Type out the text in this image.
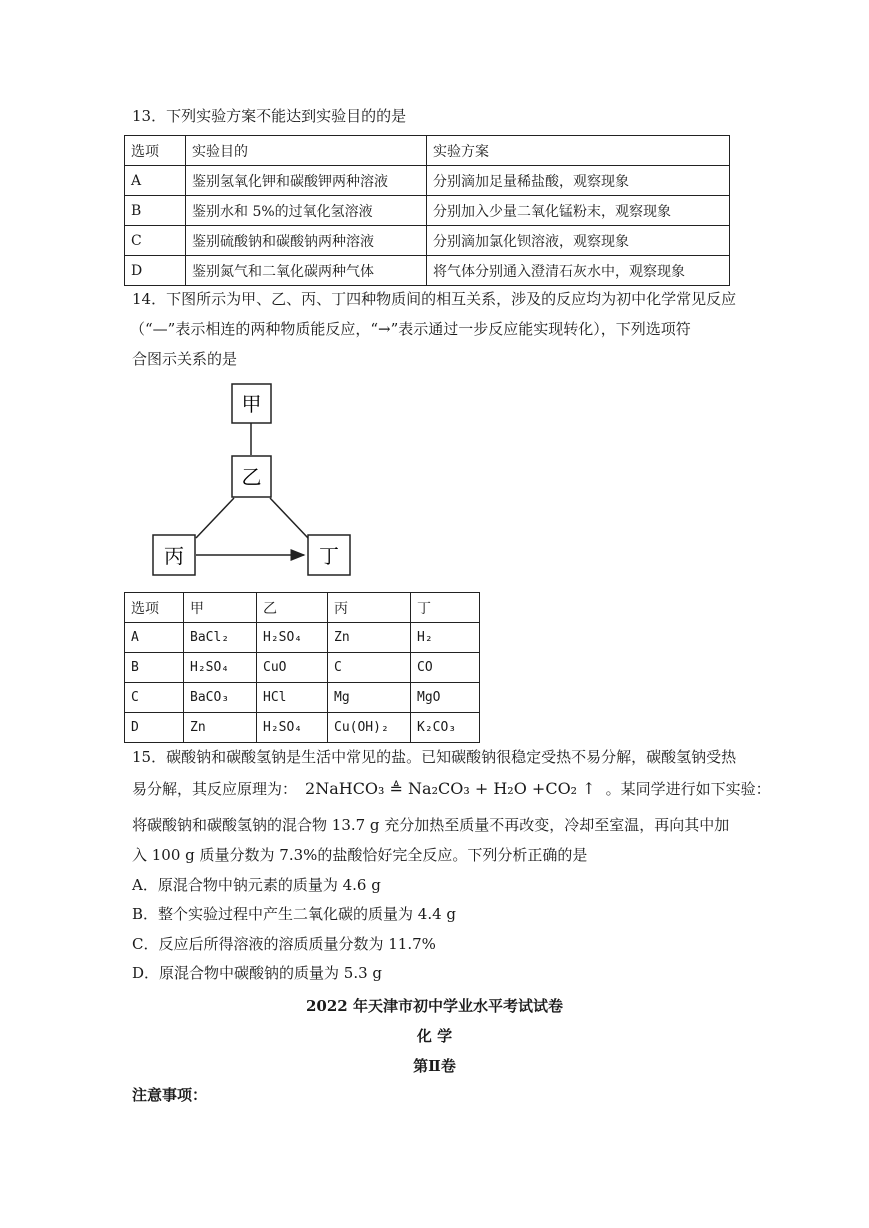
13．下列实验方案不能达到实验目的的是
选项	实验目的	实验方案
A	鉴别氢氧化钾和碳酸钾两种溶液	分别滴加足量稀盐酸，观察现象
B	鉴别水和 5%的过氧化氢溶液	分别加入少量二氧化锰粉末，观察现象
C	鉴别硫酸钠和碳酸钠两种溶液	分别滴加氯化钡溶液，观察现象
D	鉴别氮气和二氧化碳两种气体	将气体分别通入澄清石灰水中，观察现象
14．下图所示为甲、乙、丙、丁四种物质间的相互关系，涉及的反应均为初中化学常见反应
（“—”表示相连的两种物质能反应，“→”表示通过一步反应能实现转化），下列选项符
合图示关系的是
甲
乙
丙	丁
选项	甲	乙	丙	丁
A	BaCl₂	H₂SO₄	Zn	H₂
B	H₂SO₄	CuO	C	CO
C	BaCO₃	HCl	Mg	MgO
D	Zn	H₂SO₄	Cu(OH)₂	K₂CO₃
15．碳酸钠和碳酸氢钠是生活中常见的盐。已知碳酸钠很稳定受热不易分解，碳酸氢钠受热
易分解，其反应原理为： 2NaHCO₃ ≜ Na₂CO₃ + H₂O +CO₂ ↑ 。某同学进行如下实验：
将碳酸钠和碳酸氢钠的混合物 13.7 g 充分加热至质量不再改变，冷却至室温，再向其中加
入 100 g 质量分数为 7.3%的盐酸恰好完全反应。下列分析正确的是
A．原混合物中钠元素的质量为 4.6 g
B．整个实验过程中产生二氧化碳的质量为 4.4 g
C．反应后所得溶液的溶质质量分数为 11.7%
D．原混合物中碳酸钠的质量为 5.3 g
2022 年天津市初中学业水平考试试卷
化 学
第Ⅱ卷
注意事项：
